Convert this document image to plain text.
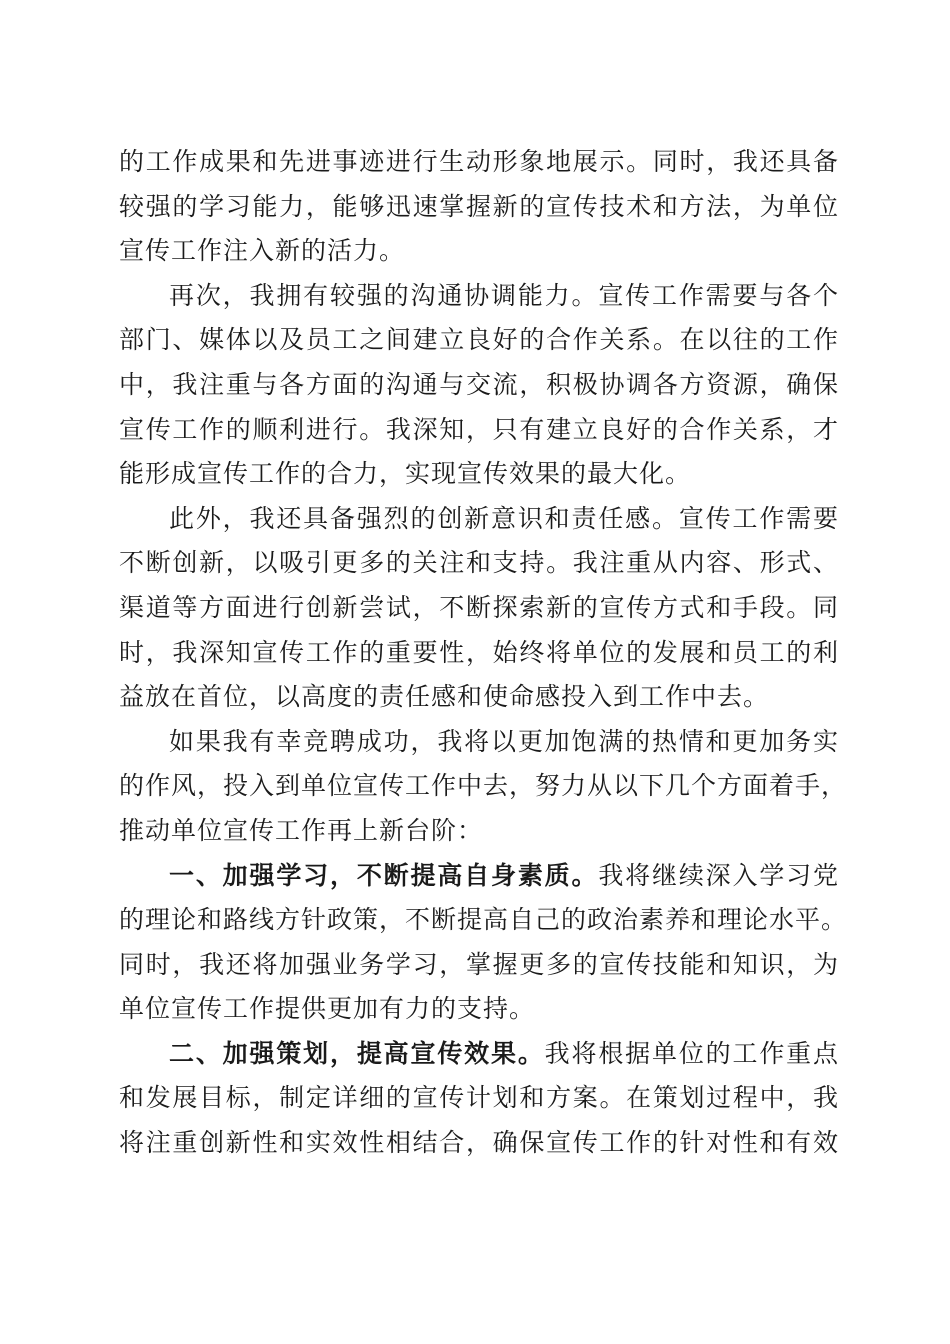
的工作成果和先进事迹进行生动形象地展示。同时，我还具备
较强的学习能力，能够迅速掌握新的宣传技术和方法，为单位
宣传工作注入新的活力。
再次，我拥有较强的沟通协调能力。宣传工作需要与各个
部门、媒体以及员工之间建立良好的合作关系。在以往的工作
中，我注重与各方面的沟通与交流，积极协调各方资源，确保
宣传工作的顺利进行。我深知，只有建立良好的合作关系，才
能形成宣传工作的合力，实现宣传效果的最大化。
此外，我还具备强烈的创新意识和责任感。宣传工作需要
不断创新，以吸引更多的关注和支持。我注重从内容、形式、
渠道等方面进行创新尝试，不断探索新的宣传方式和手段。同
时，我深知宣传工作的重要性，始终将单位的发展和员工的利
益放在首位，以高度的责任感和使命感投入到工作中去。
如果我有幸竞聘成功，我将以更加饱满的热情和更加务实
的作风，投入到单位宣传工作中去，努力从以下几个方面着手，
推动单位宣传工作再上新台阶：
一、加强学习，不断提高自身素质。我将继续深入学习党
的理论和路线方针政策，不断提高自己的政治素养和理论水平。
同时，我还将加强业务学习，掌握更多的宣传技能和知识，为
单位宣传工作提供更加有力的支持。
二、加强策划，提高宣传效果。我将根据单位的工作重点
和发展目标，制定详细的宣传计划和方案。在策划过程中，我
将注重创新性和实效性相结合，确保宣传工作的针对性和有效
